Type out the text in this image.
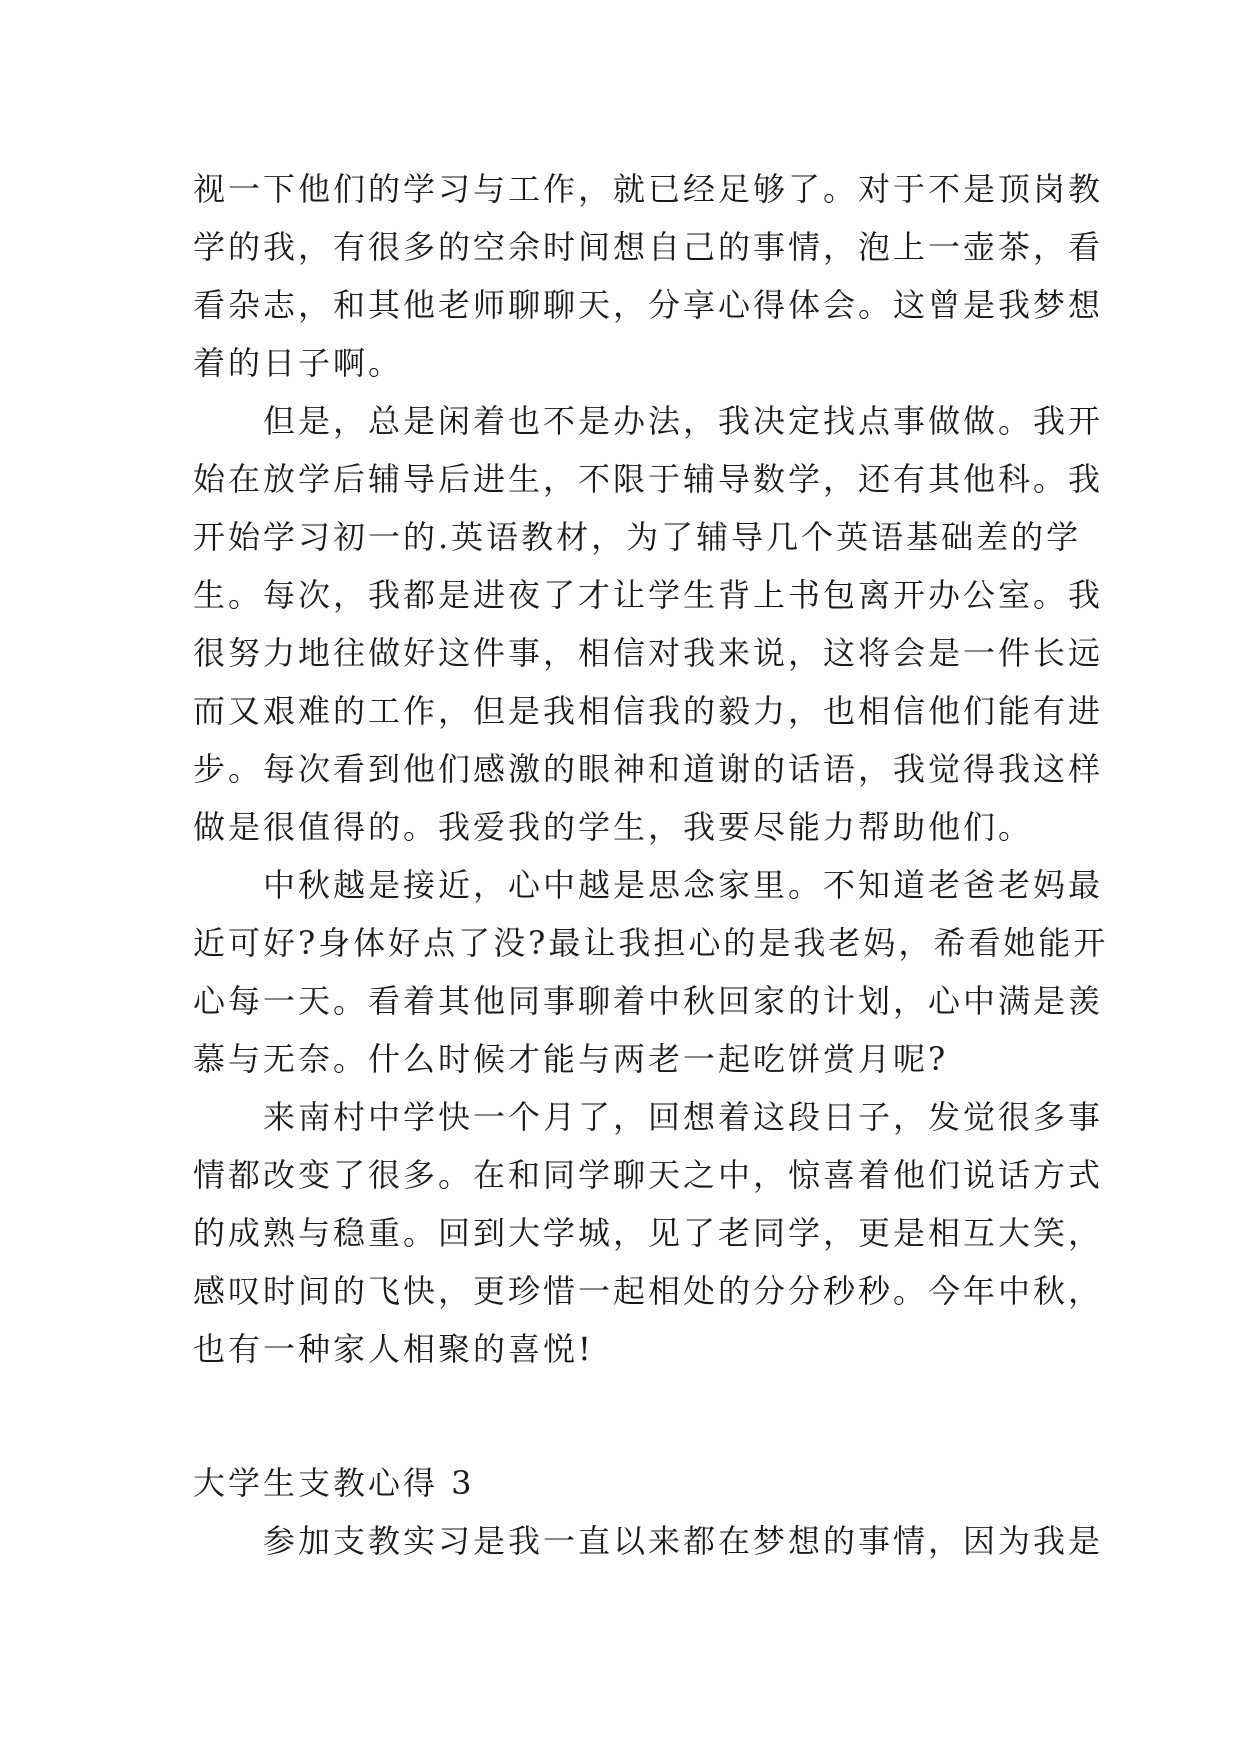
视一下他们的学习与工作，就已经足够了。对于不是顶岗教
学的我，有很多的空余时间想自己的事情，泡上一壶茶，看
看杂志，和其他老师聊聊天，分享心得体会。这曾是我梦想
着的日子啊。
　　但是，总是闲着也不是办法，我决定找点事做做。我开
始在放学后辅导后进生，不限于辅导数学，还有其他科。我
开始学习初一的.英语教材，为了辅导几个英语基础差的学
生。每次，我都是进夜了才让学生背上书包离开办公室。我
很努力地往做好这件事，相信对我来说，这将会是一件长远
而又艰难的工作，但是我相信我的毅力，也相信他们能有进
步。每次看到他们感激的眼神和道谢的话语，我觉得我这样
做是很值得的。我爱我的学生，我要尽能力帮助他们。
　　中秋越是接近，心中越是思念家里。不知道老爸老妈最
近可好?身体好点了没?最让我担心的是我老妈，希看她能开
心每一天。看着其他同事聊着中秋回家的计划，心中满是羡
慕与无奈。什么时候才能与两老一起吃饼赏月呢?
　　来南村中学快一个月了，回想着这段日子，发觉很多事
情都改变了很多。在和同学聊天之中，惊喜着他们说话方式
的成熟与稳重。回到大学城，见了老同学，更是相互大笑，
感叹时间的飞快，更珍惜一起相处的分分秒秒。今年中秋，
也有一种家人相聚的喜悦!
大学生支教心得 3
　　参加支教实习是我一直以来都在梦想的事情，因为我是
